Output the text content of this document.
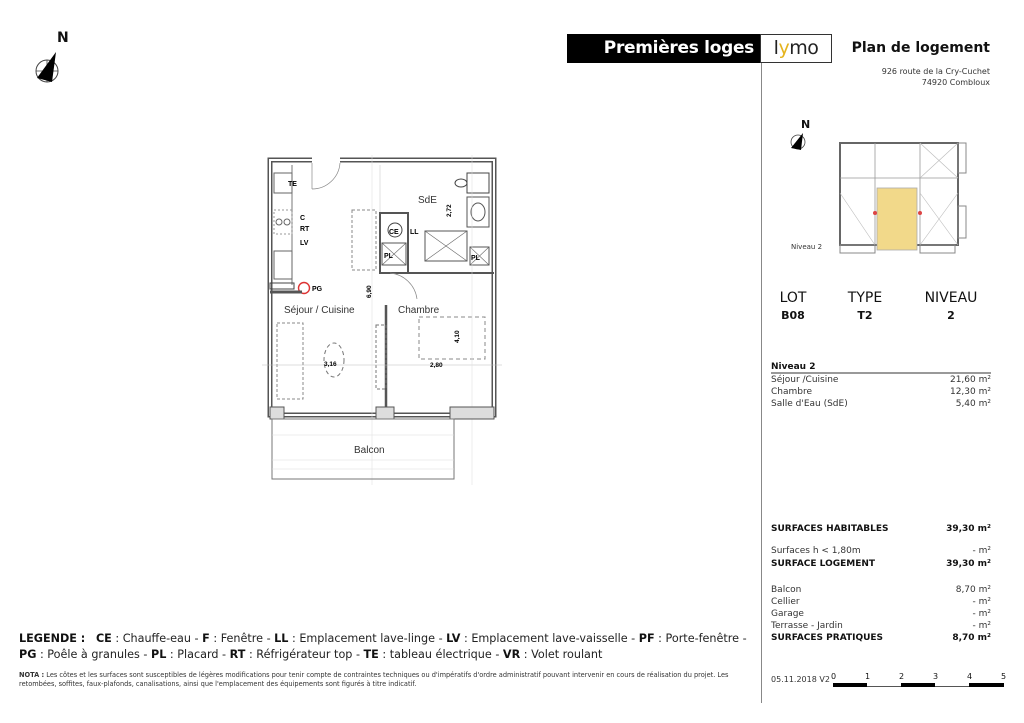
Premières loges	lymo	Plan de logement
926 route de la Cry-Cuchet
74920 Combloux
N
TE
C
RT
LV
PG
CE LL
PL	PL
SdE
Séjour / Cuisine	Chambre
Balcon
6,90
2,72
3,16
4,10
2,80
N
Niveau 2
LOT
B08
TYPE
T2
NIVEAU
2
Niveau 2
Séjour /Cuisine	21,60 m²
Chambre	12,30 m²
Salle d'Eau (SdE)	5,40 m²
SURFACES HABITABLES	39,30 m²
Surfaces h < 1,80m	- m²
SURFACE LOGEMENT	39,30 m²
Balcon	8,70 m²
Cellier	- m²
Garage	- m²
Terrasse - Jardin	- m²
SURFACES PRATIQUES	8,70 m²
LEGENDE : CE : Chauffe-eau - F : Fenêtre - LL : Emplacement lave-linge - LV : Emplacement lave-vaisselle - PF : Porte-fenêtre - PG : Poêle à granules - PL : Placard - RT : Réfrigérateur top - TE : tableau électrique - VR : Volet roulant
NOTA : Les côtes et les surfaces sont susceptibles de légères modifications pour tenir compte de contraintes techniques ou d'impératifs d'ordre administratif pouvant intervenir en cours de réalisation du projet. Les retombées, soffites, faux-plafonds, canalisations, ainsi que l'emplacement des équipements sont figurés à titre indicatif.	05.11.2018 V2 0	1	2	3	4	5
